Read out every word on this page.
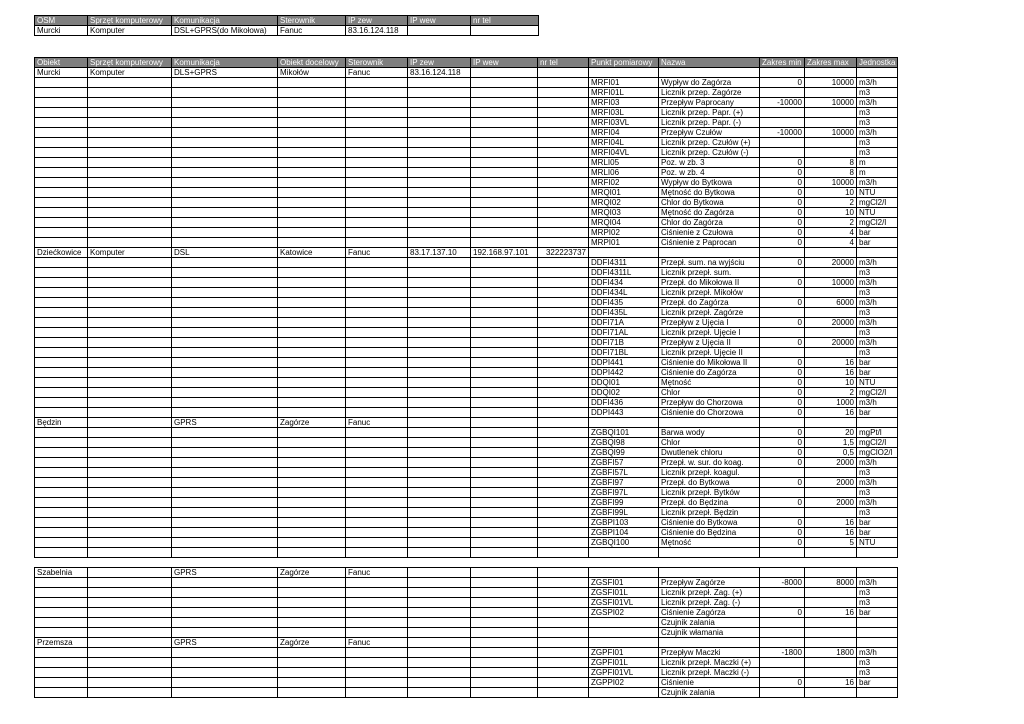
OSM	Sprzęt komputerowy	Komunikacja	Sterownik	IP zew	IP wew	nr tel
Murcki	Komputer	DSL+GPRS(do Mikołowa)	Fanuc	83.16.124.118		
Obiekt	Sprzęt komputerowy	Komunikacja	Obiekt docelowy	Sterownik	IP zew	IP wew	nr tel	Punkt pomiarowy	Nazwa	Zakres min	Zakres max	Jednostka
Murcki	Komputer	DLS+GPRS	Mikołów	Fanuc	83.16.124.118							
								MRFI01	Wypływ do Zagórza	0	10000	m3/h
								MRFI01L	Licznik przep. Zagórze			m3
								MRFI03	Przepływ Paprocany	-10000	10000	m3/h
								MRFI03L	Licznik przep. Papr. (+)			m3
								MRFI03VL	Licznik przep. Papr. (-)			m3
								MRFI04	Przepływ Czułów	-10000	10000	m3/h
								MRFI04L	Licznik przep. Czułów (+)			m3
								MRFI04VL	Licznik przep. Czułów (-)			m3
								MRLI05	Poz. w zb. 3	0	8	m
								MRLI06	Poz. w zb. 4	0	8	m
								MRFI02	Wypływ do Bytkowa	0	10000	m3/h
								MRQI01	Mętność do Bytkowa	0	10	NTU
								MRQI02	Chlor do Bytkowa	0	2	mgCl2/l
								MRQI03	Mętność do Zagórza	0	10	NTU
								MRQI04	Chlor do Zagórza	0	2	mgCl2/l
								MRPI02	Ciśnienie z Czułowa	0	4	bar
								MRPI01	Ciśnienie z Paprocan	0	4	bar
Dziećkowice	Komputer	DSL	Katowice	Fanuc	83.17.137.10	192.168.97.101	322223737					
								DDFI4311	Przepł. sum. na wyjściu	0	20000	m3/h
								DDFI4311L	Licznik przepł. sum.			m3
								DDFI434	Przepł. do Mikołowa II	0	10000	m3/h
								DDFI434L	Licznik przepł. Mikołów			m3
								DDFI435	Przepł. do Zagórza	0	6000	m3/h
								DDFI435L	Licznik przepł. Zagórze			m3
								DDFI71A	Przepływ z Ujęcia I	0	20000	m3/h
								DDFI71AL	Licznik przepł. Ujęcie I			m3
								DDFI71B	Przepływ z Ujęcia II	0	20000	m3/h
								DDFI71BL	Licznik przepł. Ujęcie II			m3
								DDPI441	Ciśnienie do Mikołowa II	0	16	bar
								DDPI442	Ciśnienie do Zagórza	0	16	bar
								DDQI01	Mętność	0	10	NTU
								DDQI02	Chlor	0	2	mgCl2/l
								DDFI436	Przepływ do Chorzowa	0	1000	m3/h
								DDPI443	Ciśnienie do Chorzowa	0	16	bar
Będzin		GPRS	Zagórze	Fanuc								
								ZGBQI101	Barwa wody	0	20	mgPt/l
								ZGBQI98	Chlor	0	1,5	mgCl2/l
								ZGBQI99	Dwutlenek chloru	0	0,5	mgClO2/l
								ZGBFI57	Przepł. w. sur. do koag.	0	2000	m3/h
								ZGBFI57L	Licznik przepł. koagul.			m3
								ZGBFI97	Przepł. do Bytkowa	0	2000	m3/h
								ZGBFI97L	Licznik przepł. Bytków			m3
								ZGBFI99	Przepł. do Będzina	0	2000	m3/h
								ZGBFI99L	Licznik przepł. Będzin			m3
								ZGBPI103	Ciśnienie do Bytkowa	0	16	bar
								ZGBPI104	Ciśnienie do Będzina	0	16	bar
								ZGBQI100	Mętność	0	5	NTU

Szabelnia		GPRS	Zagórze	Fanuc								
								ZGSFI01	Przepływ Zagórze	-8000	8000	m3/h
								ZGSFI01L	Licznik przepł. Zag. (+)			m3
								ZGSFI01VL	Licznik przepł. Zag. (-)			m3
								ZGSPI02	Ciśnienie Zagórza	0	16	bar
									Czujnik zalania			
									Czujnik włamania			
Przemsza		GPRS	Zagórze	Fanuc								
								ZGPFI01	Przepływ Maczki	-1800	1800	m3/h
								ZGPFI01L	Licznik przepł. Maczki (+)			m3
								ZGPFI01VL	Licznik przepł. Maczki (-)			m3
								ZGPPI02	Ciśnienie	0	16	bar
									Czujnik zalania			
